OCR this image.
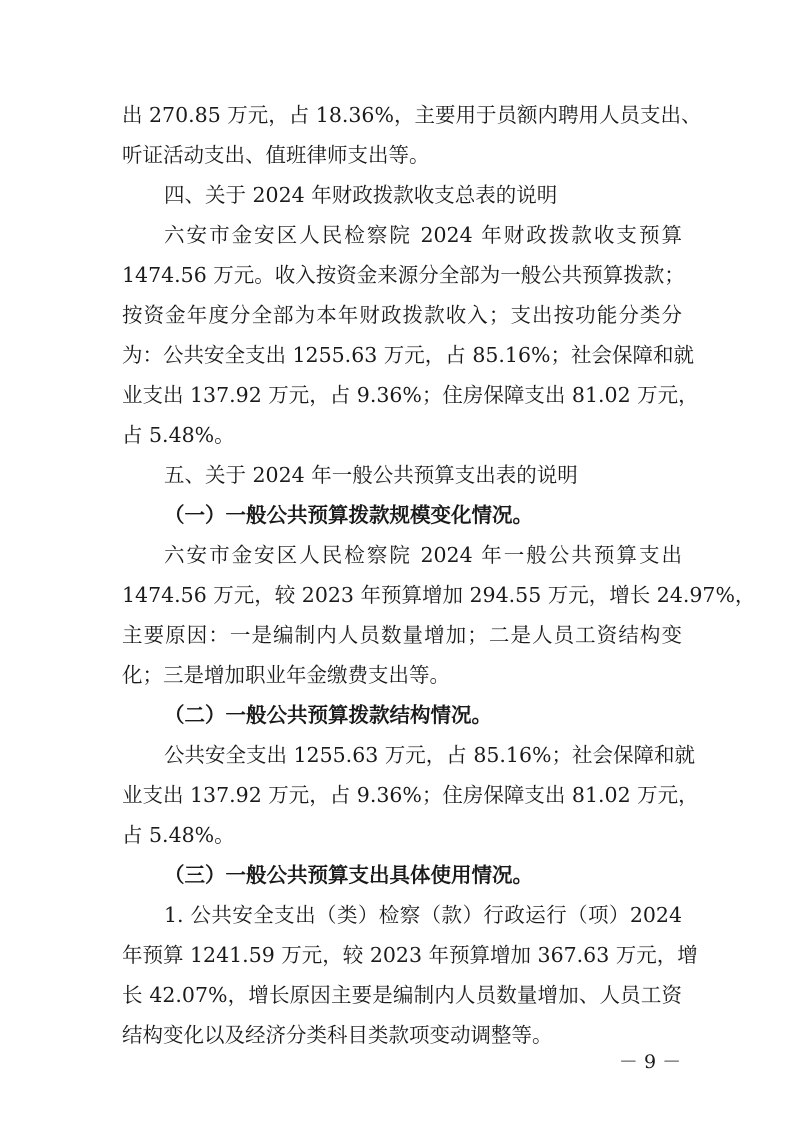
出 270.85 万元，占 18.36%，主要用于员额内聘用人员支出、
听证活动支出、值班律师支出等。
四、关于 2024 年财政拨款收支总表的说明
六安市金安区人民检察院 2024 年财政拨款收支预算
1474.56 万元。收入按资金来源分全部为一般公共预算拨款；
按资金年度分全部为本年财政拨款收入；支出按功能分类分
为：公共安全支出 1255.63 万元，占 85.16%；社会保障和就
业支出 137.92 万元，占 9.36%；住房保障支出 81.02 万元，
占 5.48%。
五、关于 2024 年一般公共预算支出表的说明
（一）一般公共预算拨款规模变化情况。
六安市金安区人民检察院 2024 年一般公共预算支出
1474.56 万元，较 2023 年预算增加 294.55 万元，增长 24.97%，
主要原因：一是编制内人员数量增加；二是人员工资结构变
化；三是增加职业年金缴费支出等。
（二）一般公共预算拨款结构情况。
公共安全支出 1255.63 万元，占 85.16%；社会保障和就
业支出 137.92 万元，占 9.36%；住房保障支出 81.02 万元，
占 5.48%。
（三）一般公共预算支出具体使用情况。
1. 公共安全支出（类）检察（款）行政运行（项）2024
年预算 1241.59 万元，较 2023 年预算增加 367.63 万元，增
长 42.07%，增长原因主要是编制内人员数量增加、人员工资
结构变化以及经济分类科目类款项变动调整等。
－ 9 －
